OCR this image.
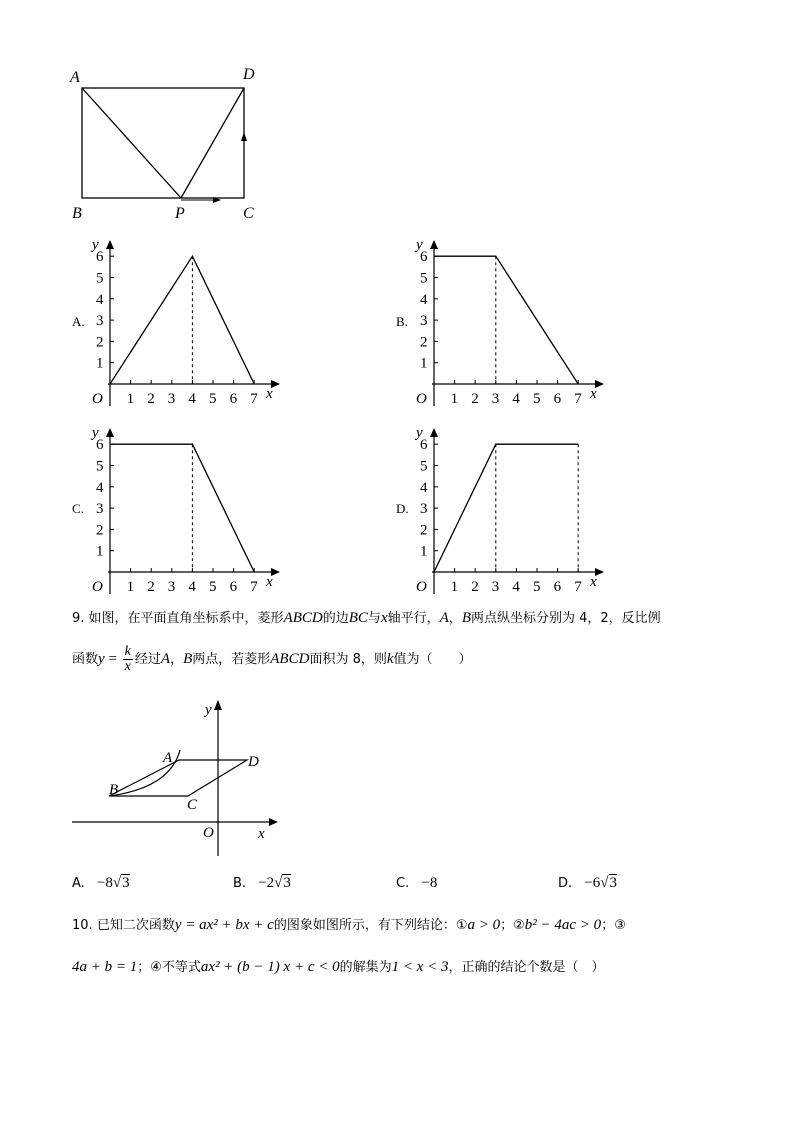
A	D
B	P	C
A.
1
2
3
4
5
6
1 2 3 4 5 6 7
O	x
y
B.
1
2
3
4
5
6
1 2 3 4 5 6 7
O	x
y
C.
1
2
3
4
5
6
1 2 3 4 5 6 7
O	x
y
D.
1
2
3
4
5
6
1 2 3 4 5 6 7
O	x
y
9. 如图，在平面直角坐标系中，菱形ABCD的边BC与x轴平行，A，B两点纵坐标分别为 4，2，反比例
函数$y = \frac{k}{x}$ 经过A，B两点，若菱形ABCD面积为 8，则k值为（　　）
A	D
B
C
O	x
y
A. −8√3	B. −2√3	C. −8	D. −6√3
10. 已知二次函数y = ax² + bx + c的图象如图所示，有下列结论：①a > 0；②b² − 4ac > 0；③
4a + b = 1；④不等式ax² + (b − 1) x + c < 0的解集为1 < x < 3，正确的结论个数是（　）
